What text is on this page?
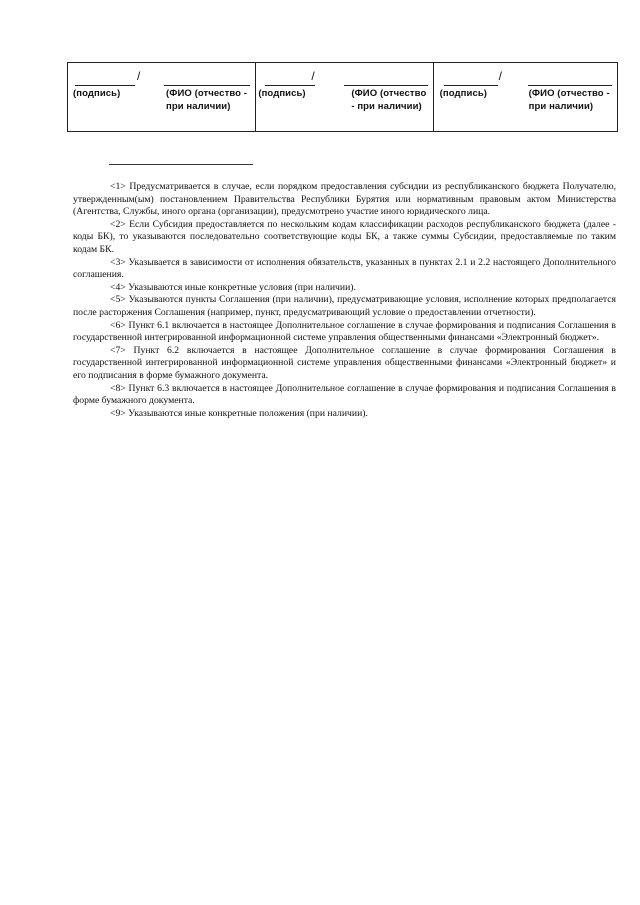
/
(подпись)	(ФИО (отчество - при наличии)
/
(подпись)	(ФИО (отчество - при наличии)
/
(подпись)	(ФИО (отчество - при наличии)

<1> Предусматривается в случае, если порядком предоставления субсидии из республиканского бюджета Получателю, утвержденным(ым) постановлением Правительства Республики Бурятия или нормативным правовым актом Министерства (Агентства, Службы, иного органа (организации), предусмотрено участие иного юридического лица.

<2> Если Субсидия предоставляется по нескольким кодам классификации расходов республиканского бюджета (далее - коды БК), то указываются последовательно соответствующие коды БК, а также суммы Субсидии, предоставляемые по таким кодам БК.

<3> Указывается в зависимости от исполнения обязательств, указанных в пунктах 2.1 и 2.2 настоящего Дополнительного соглашения.

<4> Указываются иные конкретные условия (при наличии).

<5> Указываются пункты Соглашения (при наличии), предусматривающие условия, исполнение которых предполагается после расторжения Соглашения (например, пункт, предусматривающий условие о предоставлении отчетности).

<6> Пункт 6.1 включается в настоящее Дополнительное соглашение в случае формирования и подписания Соглашения в государственной интегрированной информационной системе управления общественными финансами «Электронный бюджет».

<7> Пункт 6.2 включается в настоящее Дополнительное соглашение в случае формирования Соглашения в государственной интегрированной информационной системе управления общественными финансами «Электронный бюджет» и его подписания в форме бумажного документа.

<8> Пункт 6.3 включается в настоящее Дополнительное соглашение в случае формирования и подписания Соглашения в форме бумажного документа.

<9> Указываются иные конкретные положения (при наличии).
